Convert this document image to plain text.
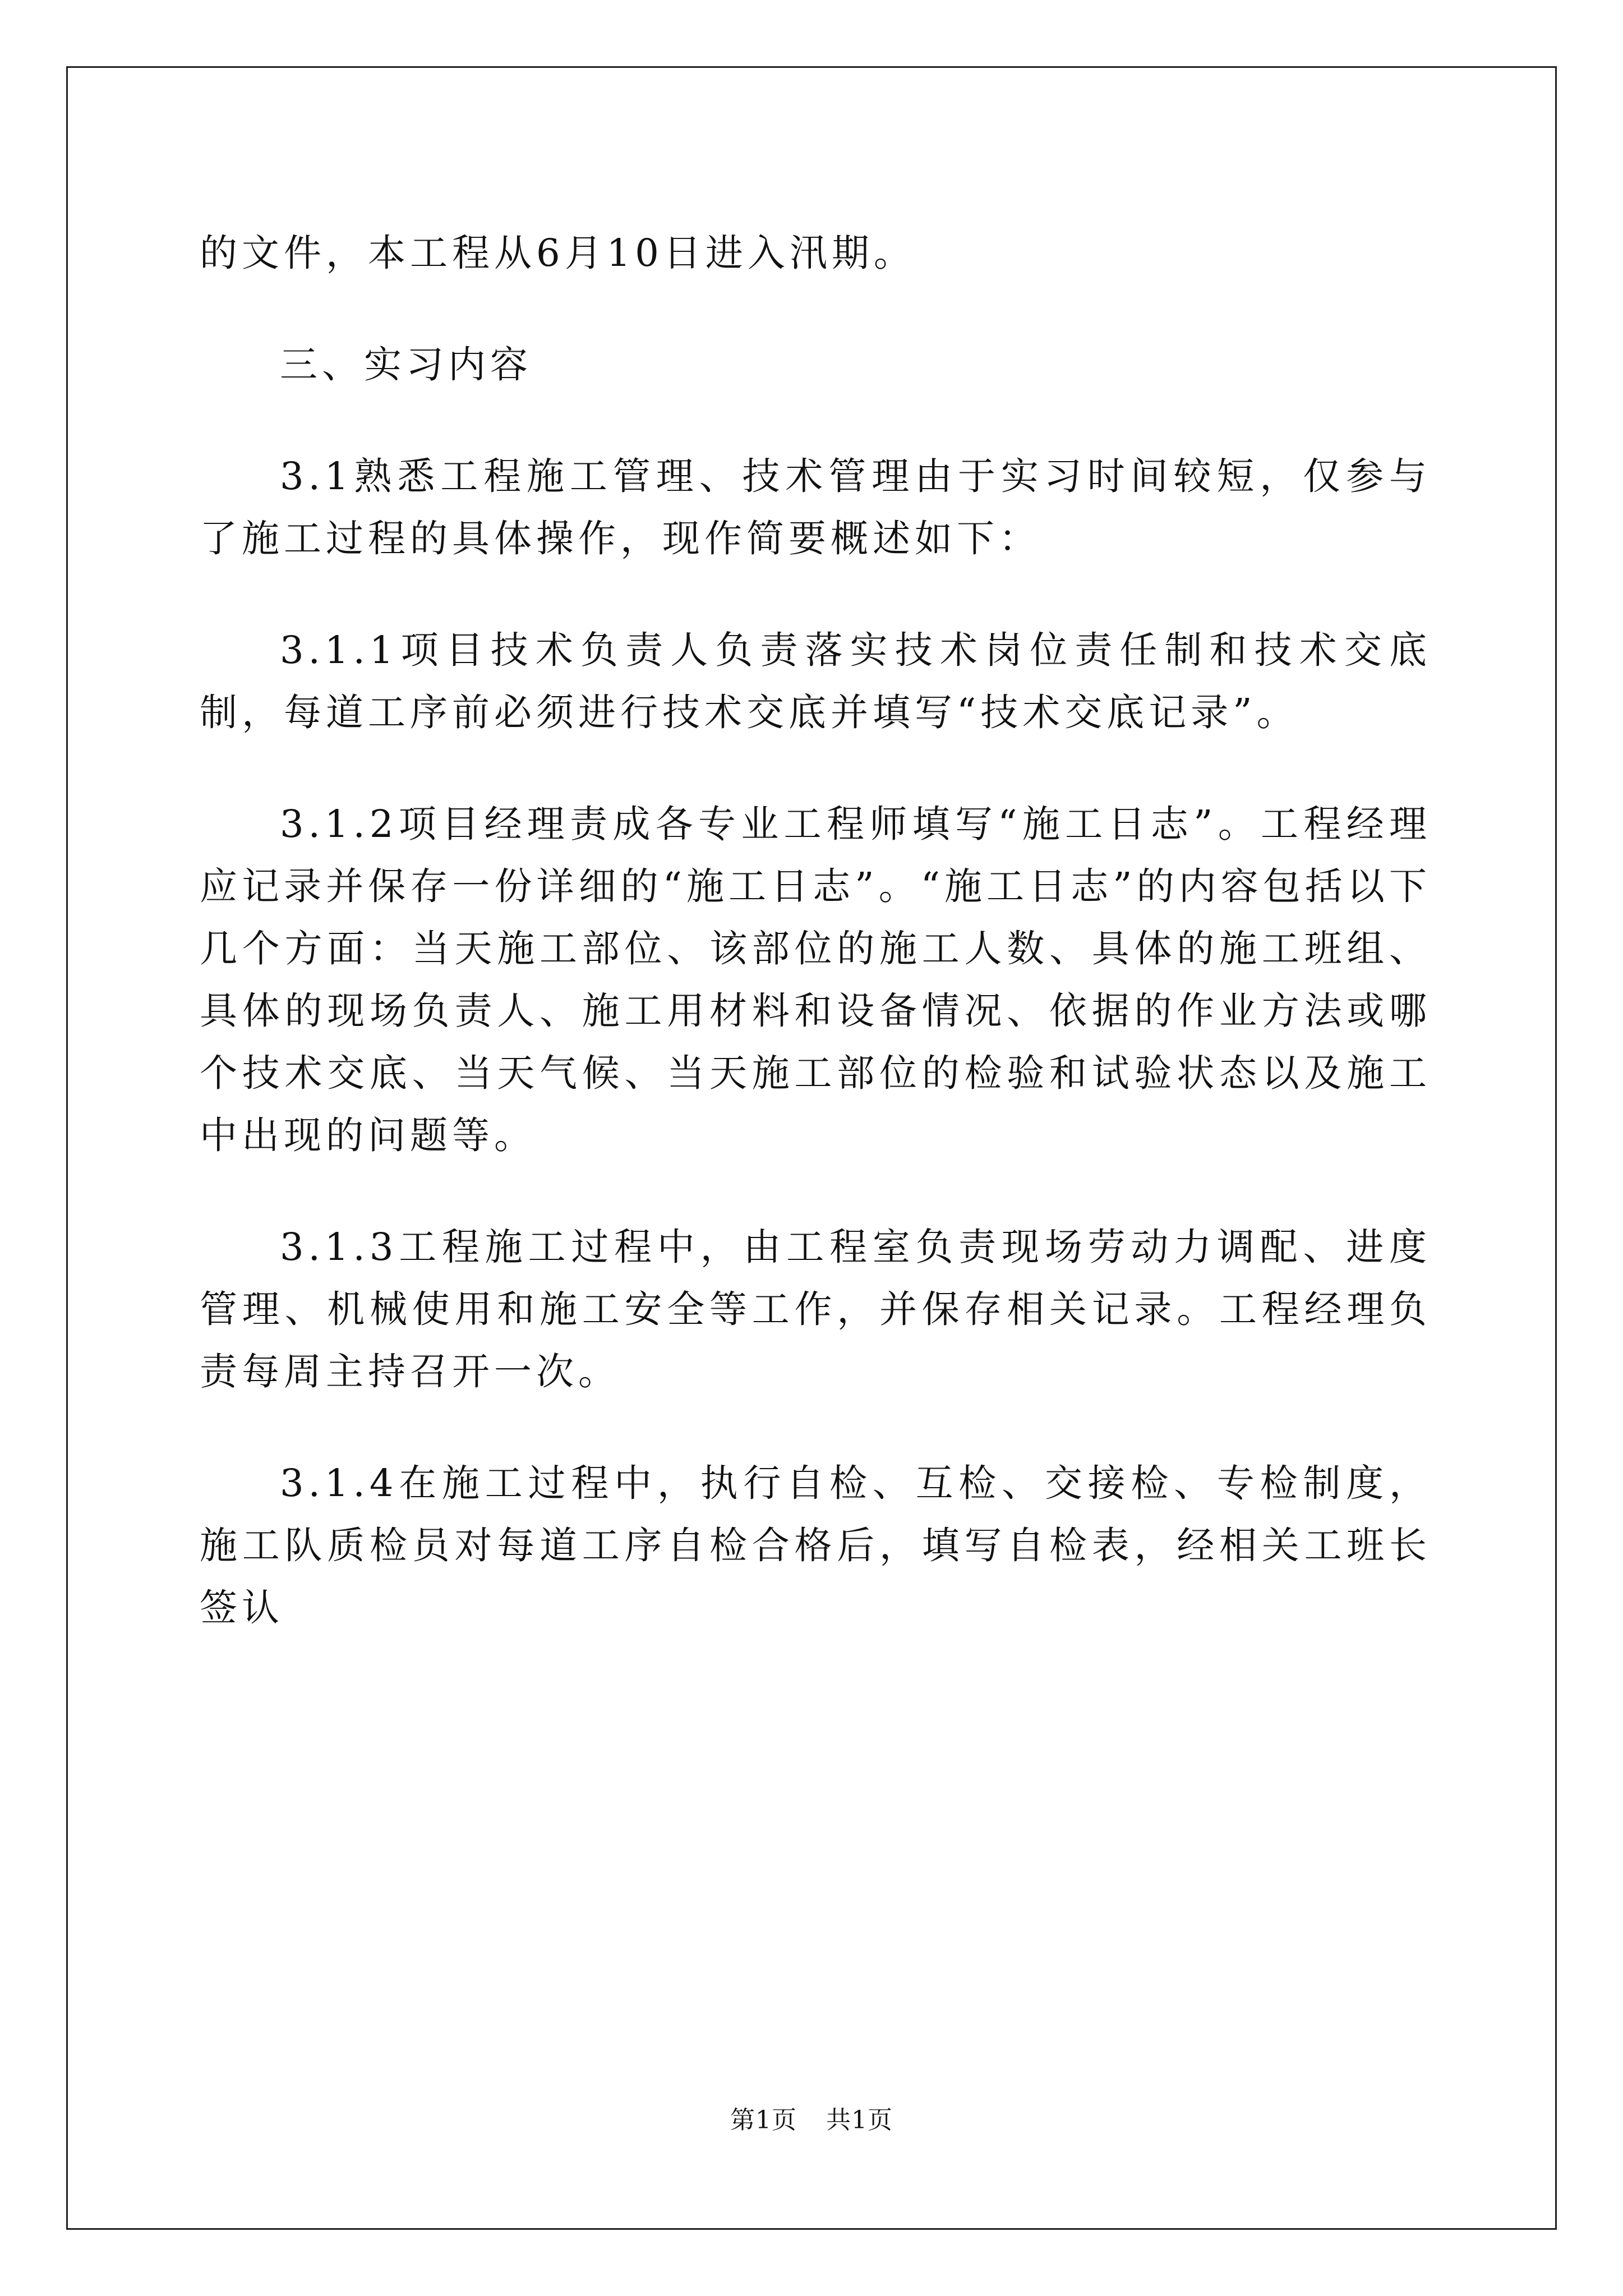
的文件，本工程从6月10日进入汛期。

三、实习内容

3.1熟悉工程施工管理、技术管理由于实习时间较短，仅参与了施工过程的具体操作，现作简要概述如下：

3.1.1项目技术负责人负责落实技术岗位责任制和技术交底制，每道工序前必须进行技术交底并填写“技术交底记录”。

3.1.2项目经理责成各专业工程师填写“施工日志”。工程经理应记录并保存一份详细的“施工日志”。“施工日志”的内容包括以下几个方面：当天施工部位、该部位的施工人数、具体的施工班组、具体的现场负责人、施工用材料和设备情况、依据的作业方法或哪个技术交底、当天气候、当天施工部位的检验和试验状态以及施工中出现的问题等。

3.1.3工程施工过程中，由工程室负责现场劳动力调配、进度管理、机械使用和施工安全等工作，并保存相关记录。工程经理负责每周主持召开一次。

3.1.4在施工过程中，执行自检、互检、交接检、专检制度，施工队质检员对每道工序自检合格后，填写自检表，经相关工班长签认

第1页 共1页
